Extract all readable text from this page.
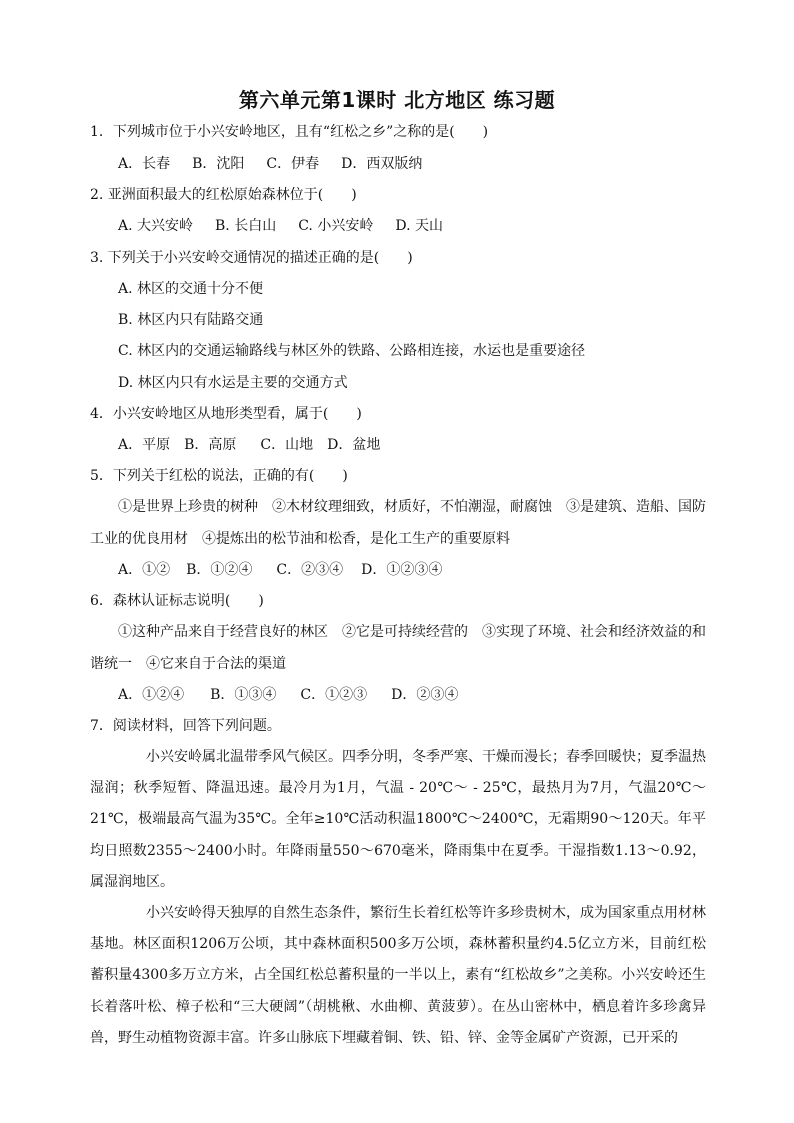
第六单元第1课时 北方地区 练习题
1．下列城市位于小兴安岭地区，且有“红松之乡”之称的是(　　)
A．长春 B．沈阳 C．伊春 D．西双版纳
2. 亚洲面积最大的红松原始森林位于(　　)
A. 大兴安岭 B. 长白山 C. 小兴安岭 D. 天山
3. 下列关于小兴安岭交通情况的描述正确的是(　　)
A. 林区的交通十分不便
B. 林区内只有陆路交通
C. 林区内的交通运输路线与林区外的铁路、公路相连接，水运也是重要途径
D. 林区内只有水运是主要的交通方式
4．小兴安岭地区从地形类型看，属于(　　)
A．平原 B．高原 C．山地 D．盆地
5．下列关于红松的说法，正确的有(　　)
①是世界上珍贵的树种　②木材纹理细致，材质好，不怕潮湿，耐腐蚀　③是建筑、造船、国防
工业的优良用材　④提炼出的松节油和松香，是化工生产的重要原料
A．①② B．①②④ C．②③④ D．①②③④
6．森林认证标志说明(　　)
①这种产品来自于经营良好的林区　②它是可持续经营的　③实现了环境、社会和经济效益的和
谐统一　④它来自于合法的渠道
A．①②④ B．①③④ C．①②③ D．②③④
7．阅读材料，回答下列问题。

小兴安岭属北温带季风气候区。四季分明，冬季严寒、干燥而漫长；春季回暖快；夏季温热湿润；秋季短暂、降温迅速。最冷月为1月，气温 - 20℃～ - 25℃，最热月为7月，气温20℃～21℃，极端最高气温为35℃。全年≥10℃活动积温1800℃～2400℃，无霜期90～120天。年平均日照数2355～2400小时。年降雨量550～670毫米，降雨集中在夏季。干湿指数1.13～0.92，属湿润地区。

小兴安岭得天独厚的自然生态条件，繁衍生长着红松等许多珍贵树木，成为国家重点用材林基地。林区面积1206万公顷，其中森林面积500多万公顷，森林蓄积量约4.5亿立方米，目前红松蓄积量4300多万立方米，占全国红松总蓄积量的一半以上，素有“红松故乡”之美称。小兴安岭还生长着落叶松、樟子松和“三大硬阔”（胡桃楸、水曲柳、黄菠萝）。在丛山密林中，栖息着许多珍禽异兽，野生动植物资源丰富。许多山脉底下埋藏着铜、铁、铅、锌、金等金属矿产资源，已开采的
